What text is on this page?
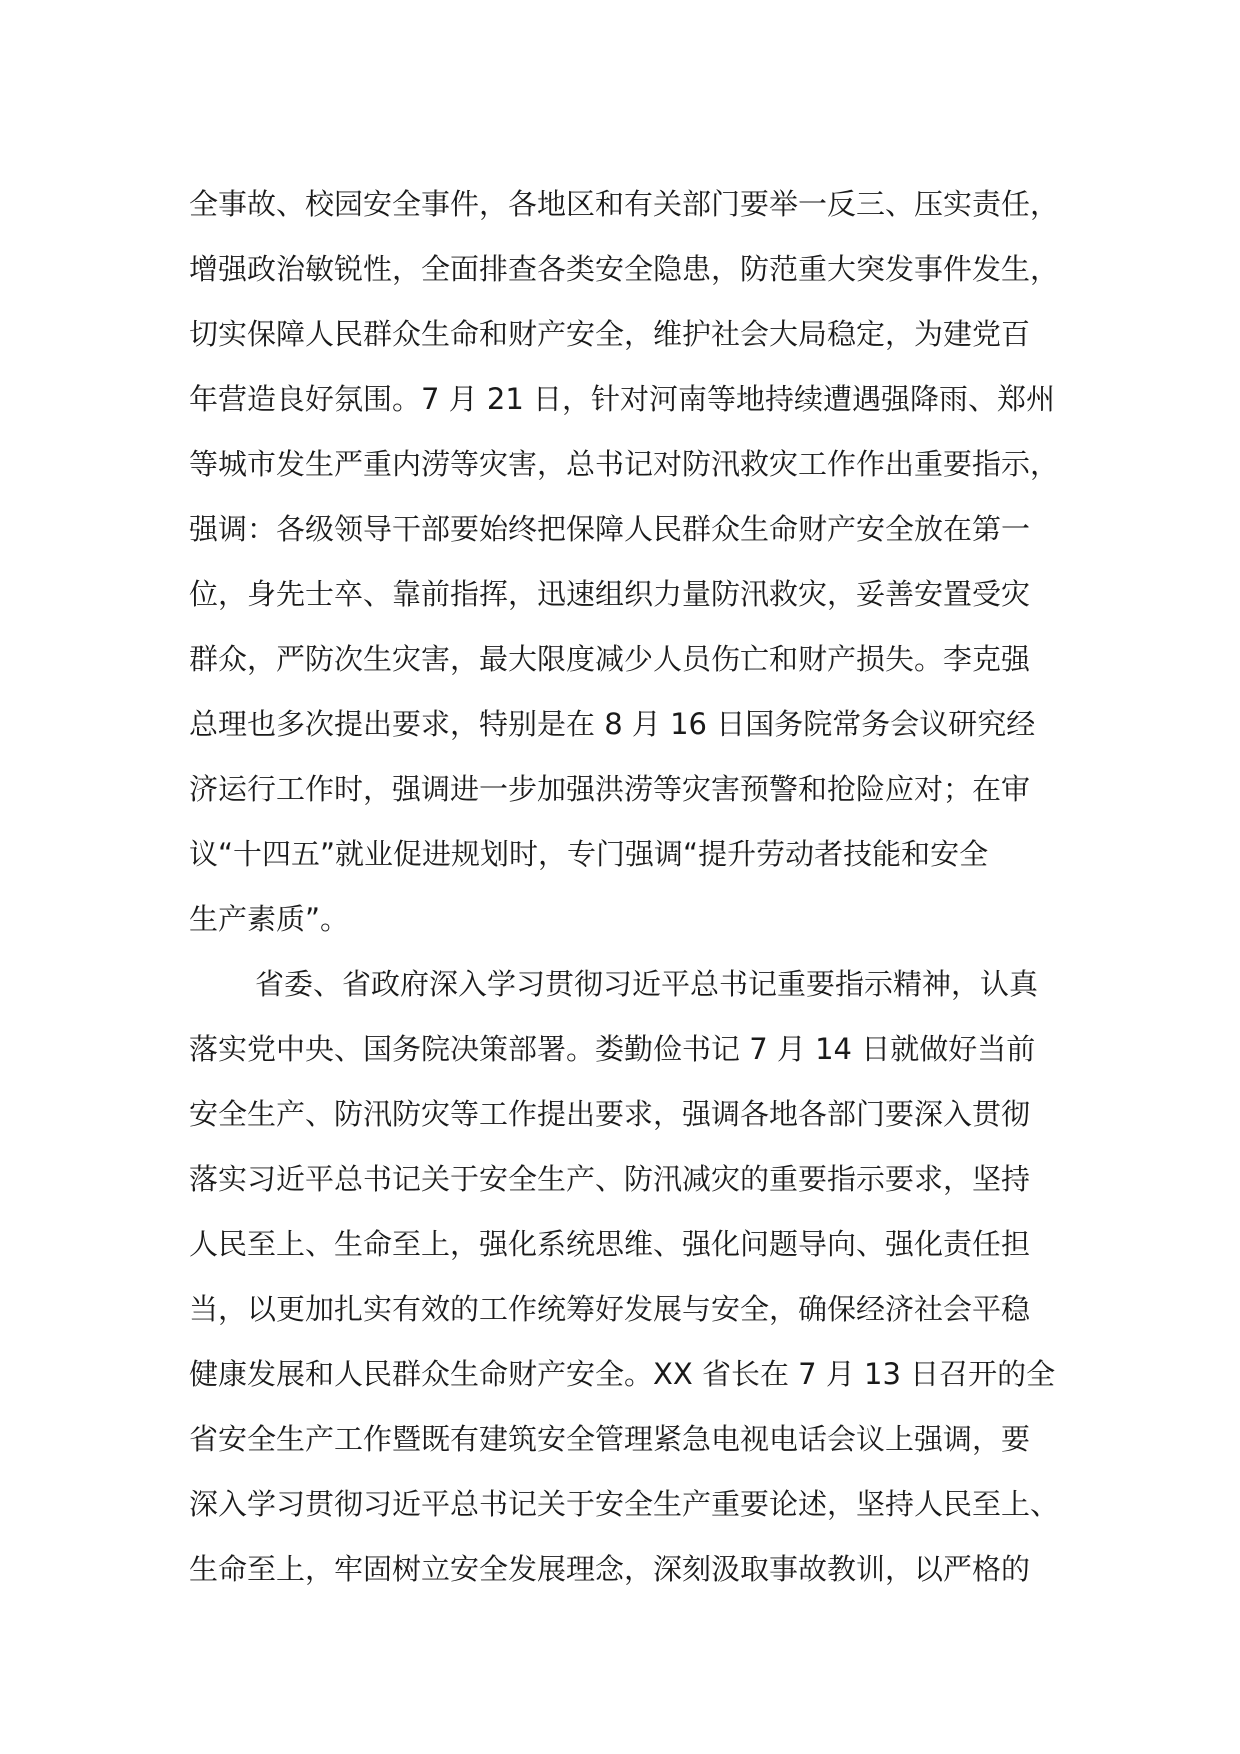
全事故、校园安全事件，各地区和有关部门要举一反三、压实责任，
增强政治敏锐性，全面排查各类安全隐患，防范重大突发事件发生，
切实保障人民群众生命和财产安全，维护社会大局稳定，为建党百
年营造良好氛围。7 月 21 日，针对河南等地持续遭遇强降雨、郑州
等城市发生严重内涝等灾害，总书记对防汛救灾工作作出重要指示，
强调：各级领导干部要始终把保障人民群众生命财产安全放在第一
位，身先士卒、靠前指挥，迅速组织力量防汛救灾，妥善安置受灾
群众，严防次生灾害，最大限度减少人员伤亡和财产损失。李克强
总理也多次提出要求，特别是在 8 月 16 日国务院常务会议研究经
济运行工作时，强调进一步加强洪涝等灾害预警和抢险应对；在审
议“十四五”就业促进规划时，专门强调“提升劳动者技能和安全
生产素质”。
省委、省政府深入学习贯彻习近平总书记重要指示精神，认真
落实党中央、国务院决策部署。娄勤俭书记 7 月 14 日就做好当前
安全生产、防汛防灾等工作提出要求，强调各地各部门要深入贯彻
落实习近平总书记关于安全生产、防汛减灾的重要指示要求，坚持
人民至上、生命至上，强化系统思维、强化问题导向、强化责任担
当，以更加扎实有效的工作统筹好发展与安全，确保经济社会平稳
健康发展和人民群众生命财产安全。XX 省长在 7 月 13 日召开的全
省安全生产工作暨既有建筑安全管理紧急电视电话会议上强调，要
深入学习贯彻习近平总书记关于安全生产重要论述，坚持人民至上、
生命至上，牢固树立安全发展理念，深刻汲取事故教训，以严格的
